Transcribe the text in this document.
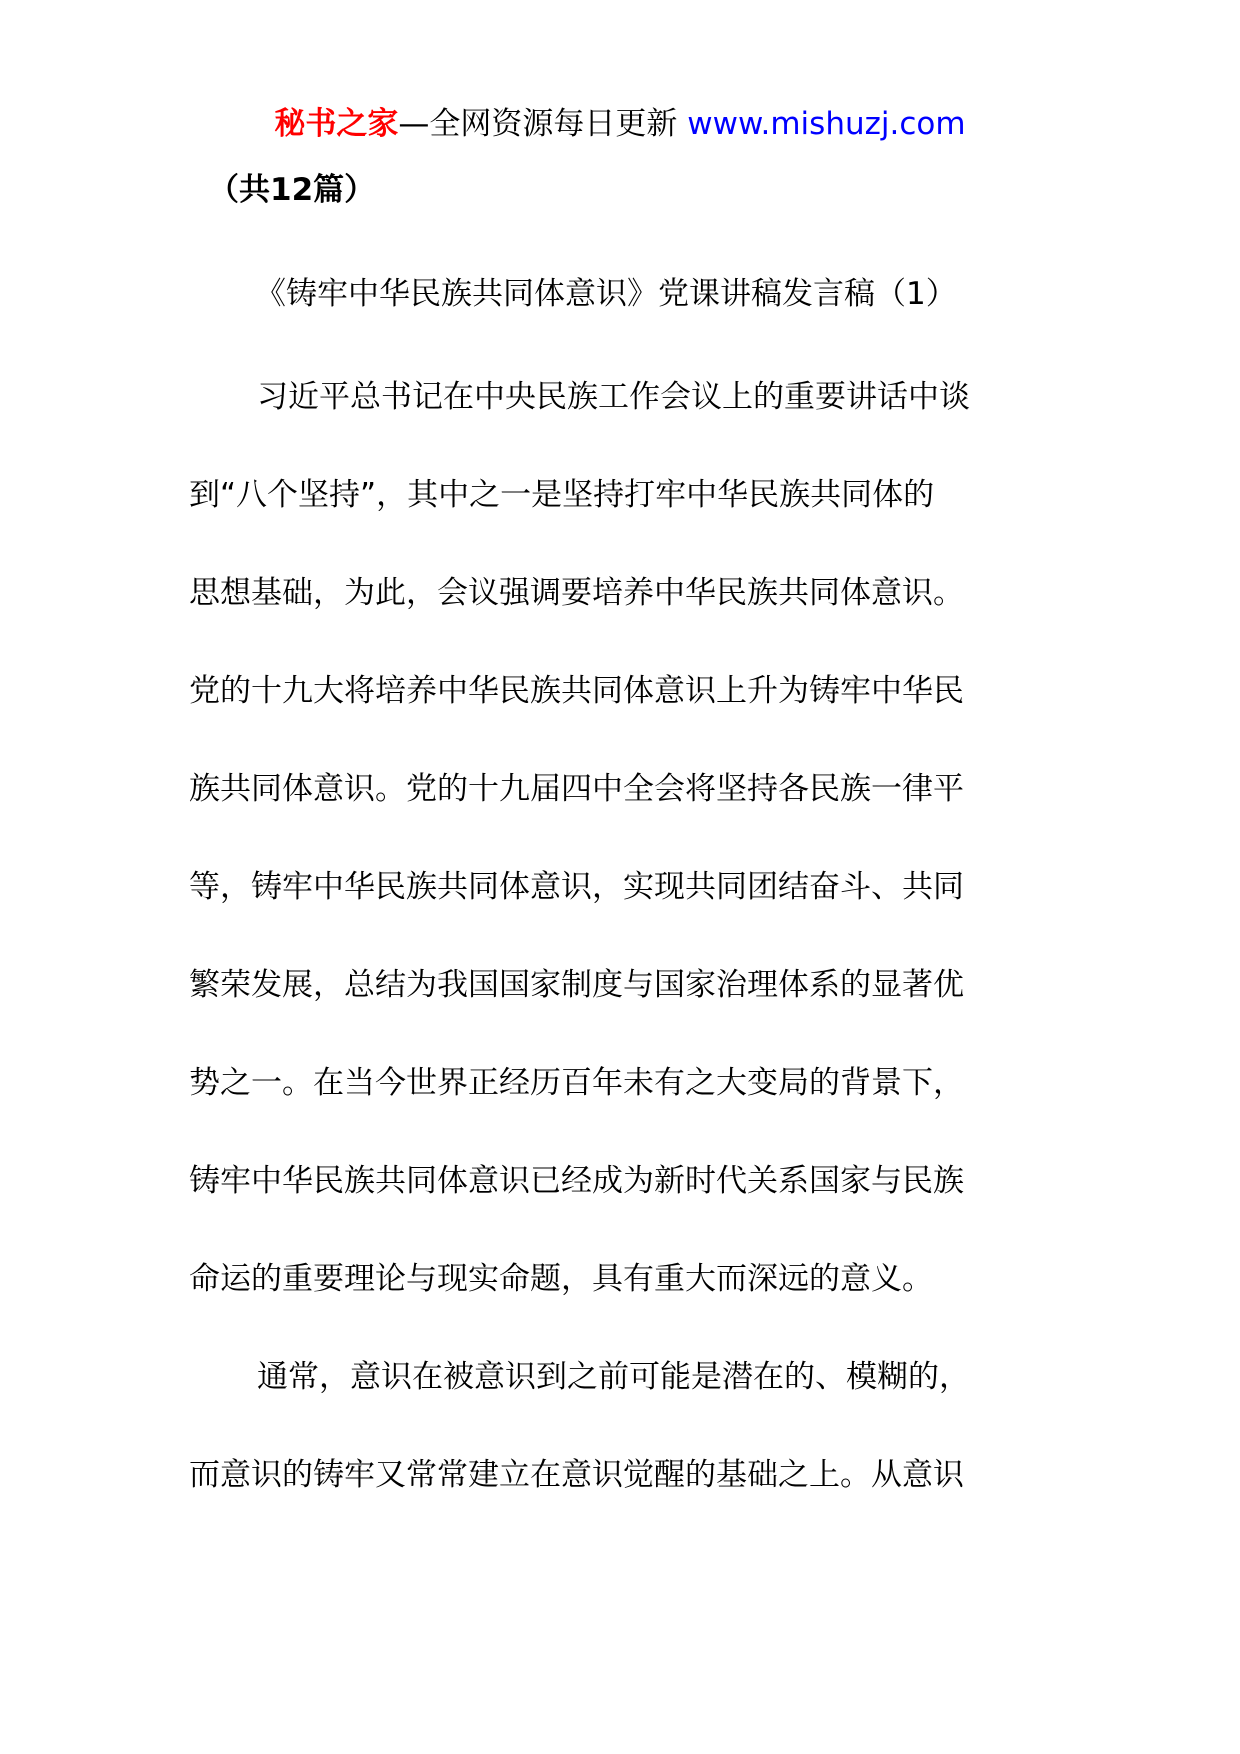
秘书之家—全网资源每日更新 www.mishuzj.com
（共12篇）
《铸牢中华民族共同体意识》党课讲稿发言稿（1）
习近平总书记在中央民族工作会议上的重要讲话中谈
到“八个坚持”，其中之一是坚持打牢中华民族共同体的
思想基础，为此，会议强调要培养中华民族共同体意识。
党的十九大将培养中华民族共同体意识上升为铸牢中华民
族共同体意识。党的十九届四中全会将坚持各民族一律平
等，铸牢中华民族共同体意识，实现共同团结奋斗、共同
繁荣发展，总结为我国国家制度与国家治理体系的显著优
势之一。在当今世界正经历百年未有之大变局的背景下，
铸牢中华民族共同体意识已经成为新时代关系国家与民族
命运的重要理论与现实命题，具有重大而深远的意义。
通常，意识在被意识到之前可能是潜在的、模糊的，
而意识的铸牢又常常建立在意识觉醒的基础之上。从意识
